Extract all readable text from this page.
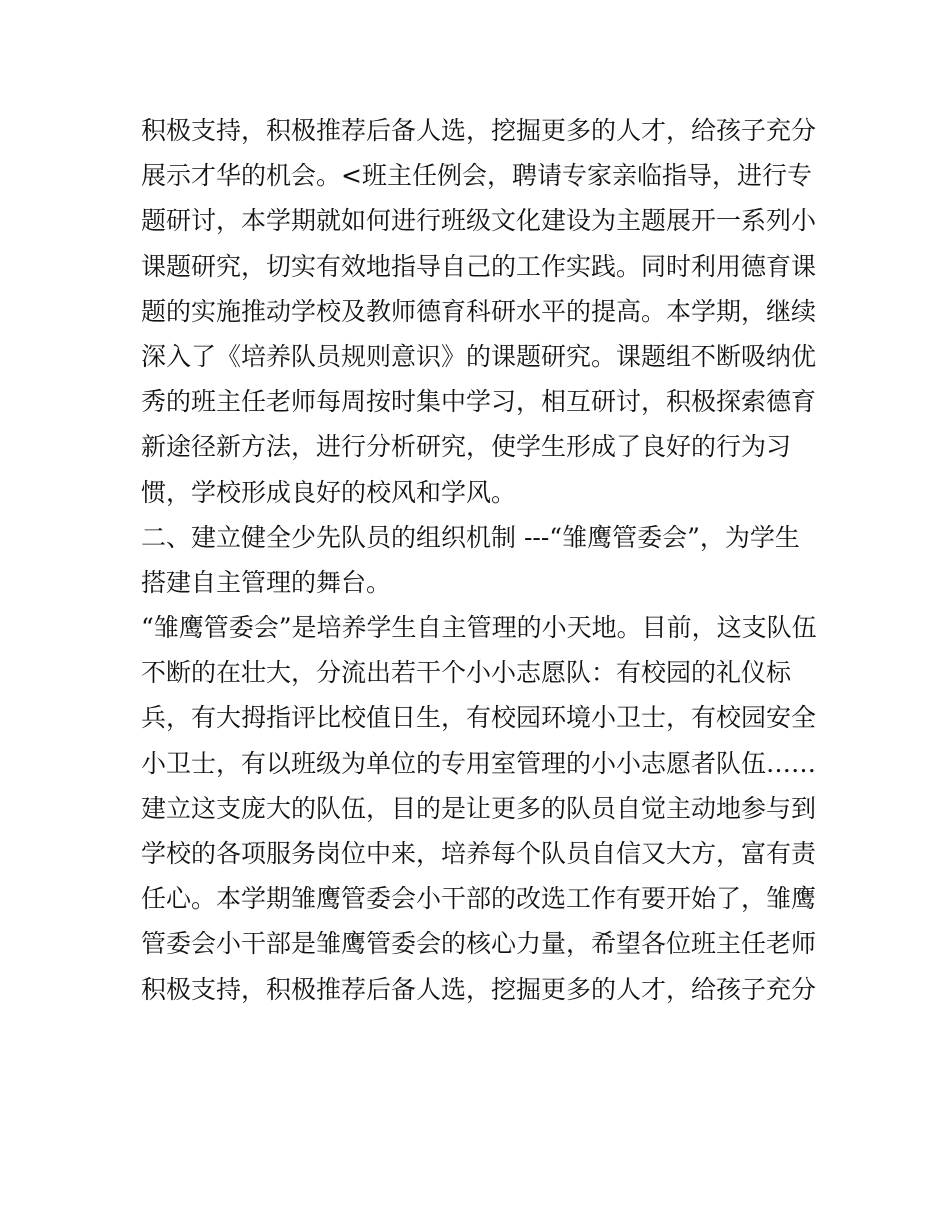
积极支持，积极推荐后备人选，挖掘更多的人才，给孩子充分
展示才华的机会。<班主任例会，聘请专家亲临指导，进行专
题研讨，本学期就如何进行班级文化建设为主题展开一系列小
课题研究，切实有效地指导自己的工作实践。同时利用德育课
题的实施推动学校及教师德育科研水平的提高。本学期，继续
深入了《培养队员规则意识》的课题研究。课题组不断吸纳优
秀的班主任老师每周按时集中学习，相互研讨，积极探索德育
新途径新方法，进行分析研究，使学生形成了良好的行为习
惯，学校形成良好的校风和学风。
二、建立健全少先队员的组织机制 ---“雏鹰管委会”，为学生
搭建自主管理的舞台。
“雏鹰管委会”是培养学生自主管理的小天地。目前，这支队伍
不断的在壮大，分流出若干个小小志愿队：有校园的礼仪标
兵，有大拇指评比校值日生，有校园环境小卫士，有校园安全
小卫士，有以班级为单位的专用室管理的小小志愿者队伍……
建立这支庞大的队伍，目的是让更多的队员自觉主动地参与到
学校的各项服务岗位中来，培养每个队员自信又大方，富有责
任心。本学期雏鹰管委会小干部的改选工作有要开始了，雏鹰
管委会小干部是雏鹰管委会的核心力量，希望各位班主任老师
积极支持，积极推荐后备人选，挖掘更多的人才，给孩子充分
